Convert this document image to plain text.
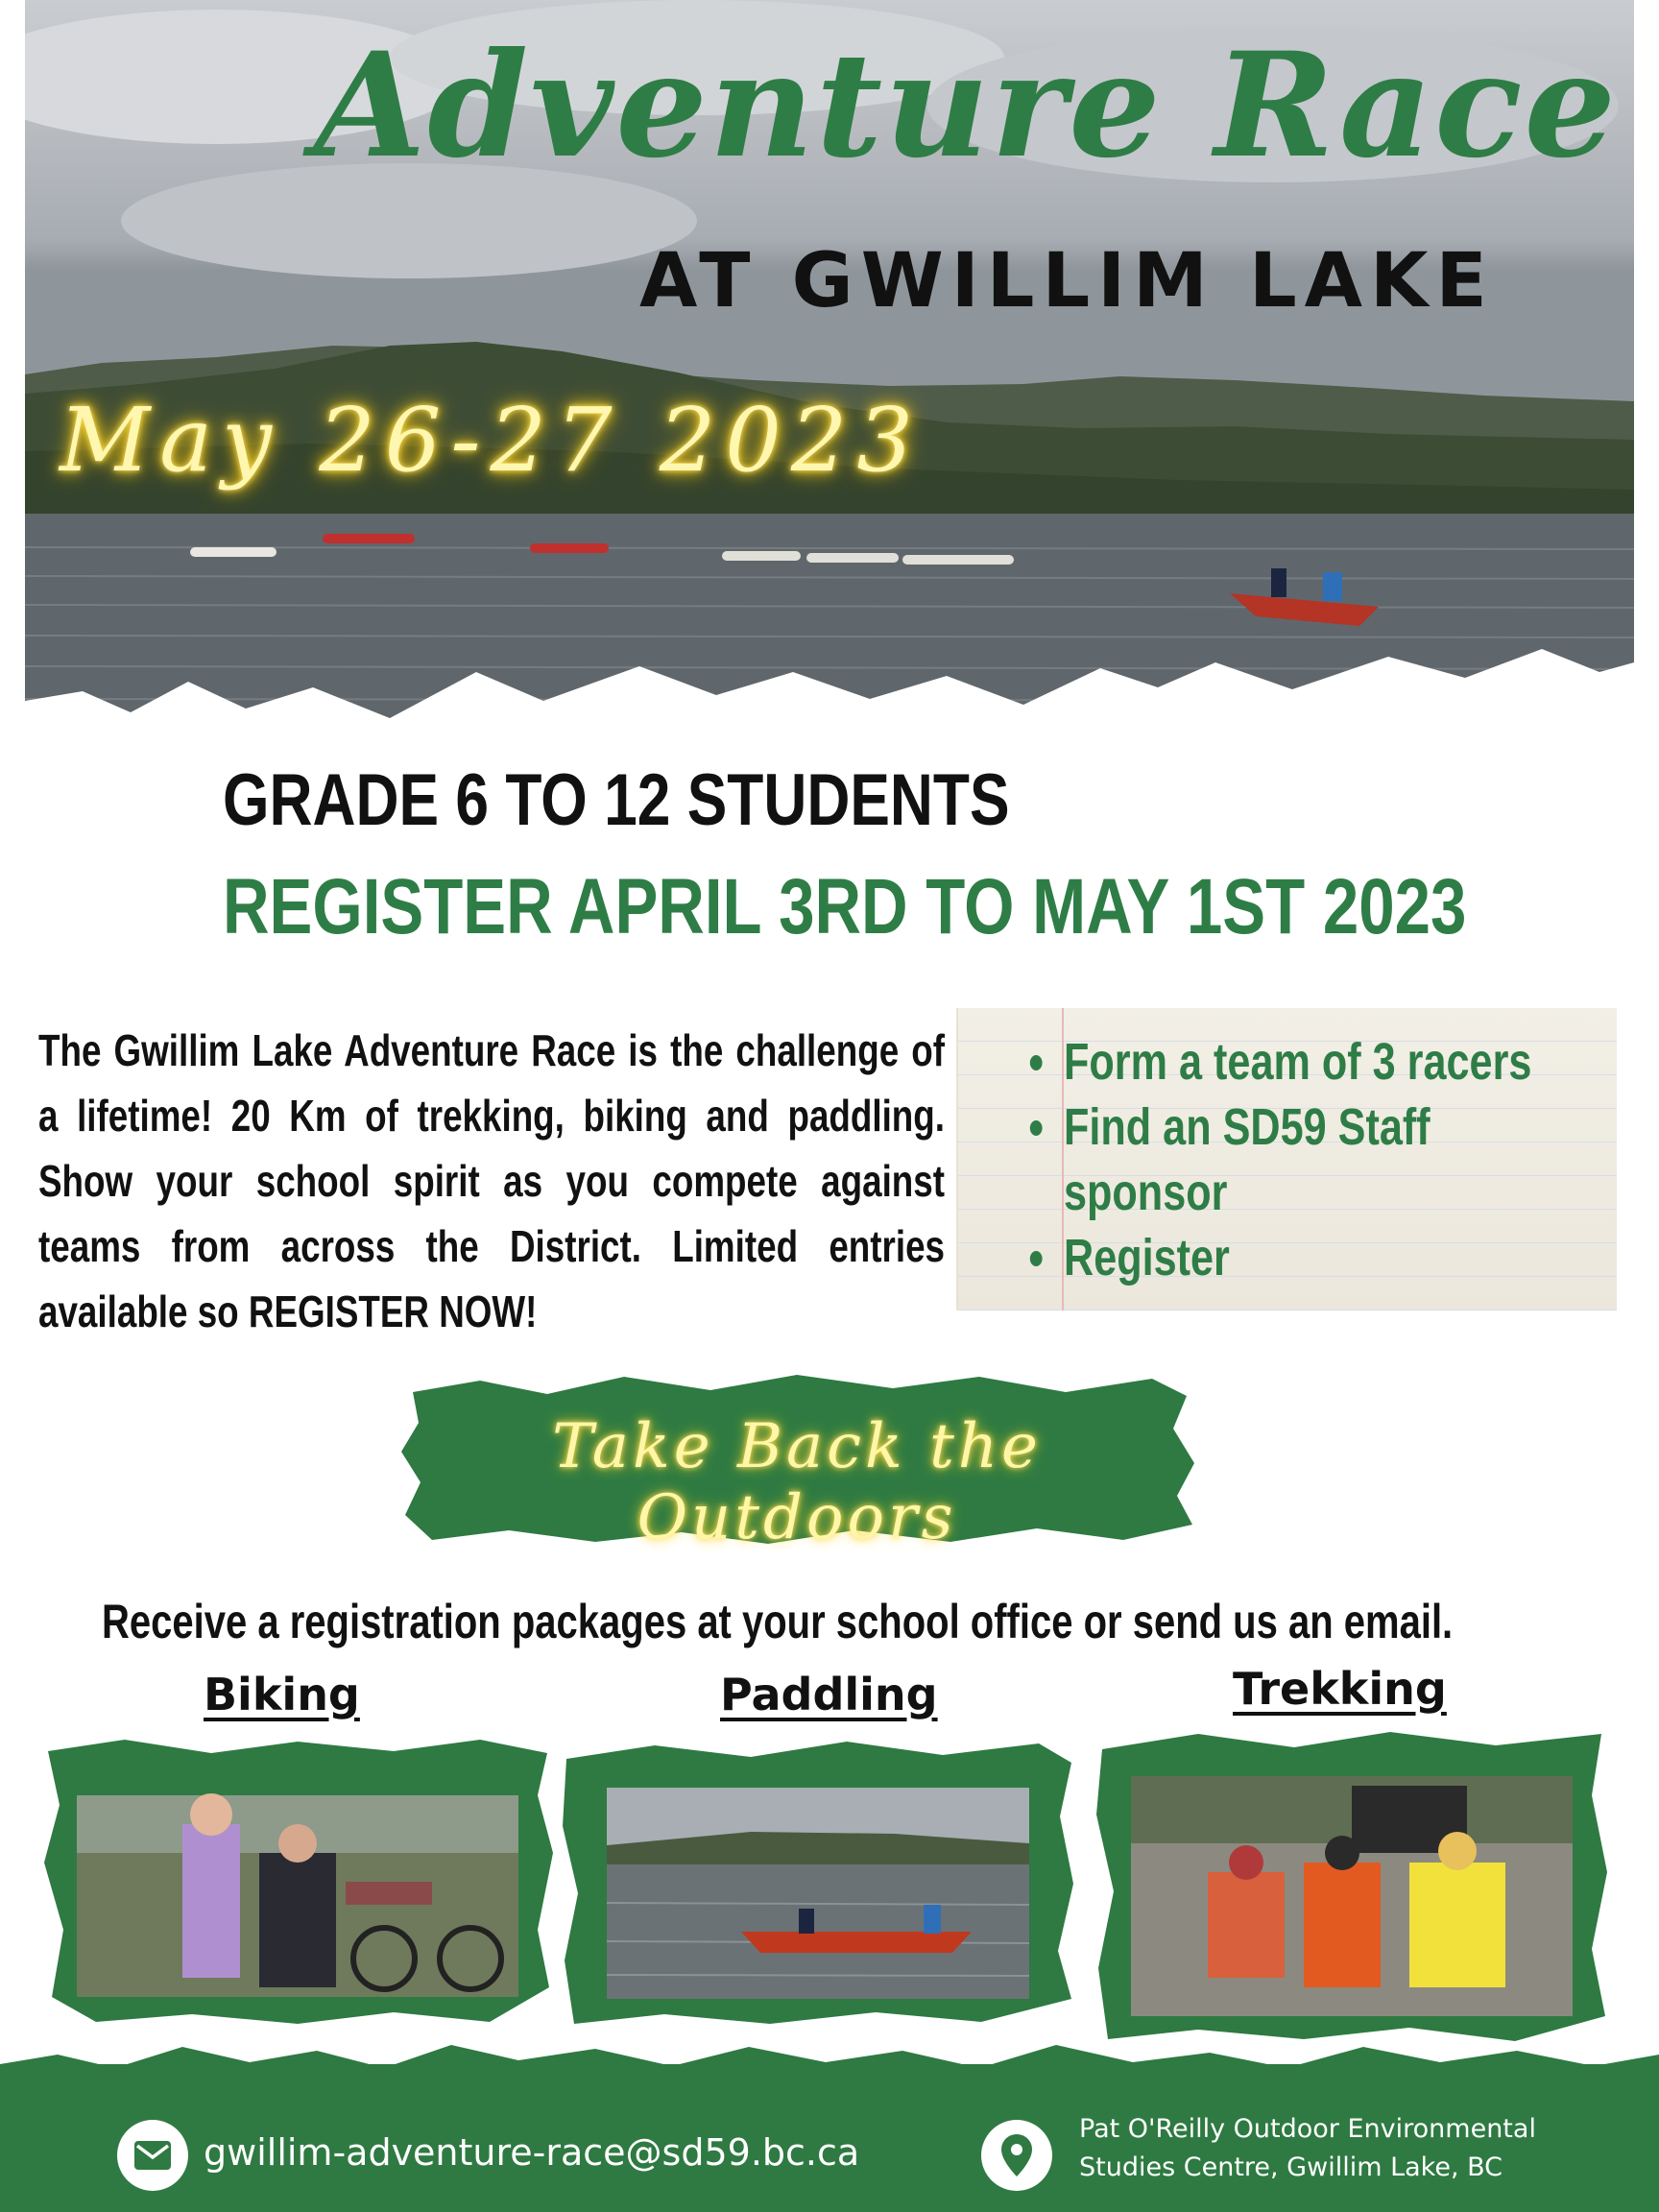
Adventure Race
AT GWILLIM LAKE
May 26-27 2023
GRADE 6 TO 12 STUDENTS
REGISTER APRIL 3RD TO MAY 1ST 2023
The Gwillim Lake Adventure Race is the challenge of a lifetime! 20 Km of trekking, biking and paddling. Show your school spirit as you compete against teams from across the District. Limited entries available so REGISTER NOW!
Form a team of 3 racers
Find an SD59 Staff sponsor
Register
Take Back the Outdoors
Receive a registration packages at your school office or send us an email.
Biking	Paddling	Trekking
gwillim-adventure-race@sd59.bc.ca
Pat O'Reilly Outdoor Environmental
Studies Centre, Gwillim Lake, BC
